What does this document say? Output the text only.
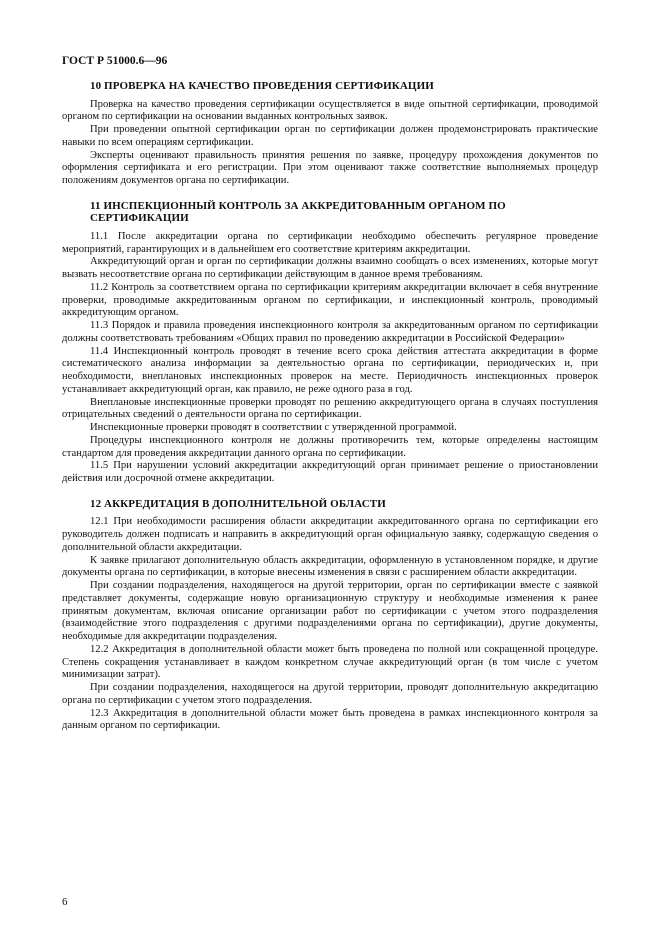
ГОСТ Р 51000.6—96
10 ПРОВЕРКА НА КАЧЕСТВО ПРОВЕДЕНИЯ СЕРТИФИКАЦИИ

Проверка на качество проведения сертификации осуществляется в виде опытной сертификации, проводимой органом по сертификации на основании выданных контрольных заявок.

При проведении опытной сертификации орган по сертификации должен продемонстрировать практические навыки по всем операциям сертификации.

Эксперты оценивают правильность принятия решения по заявке, процедуру прохождения документов по оформления сертификата и его регистрации. При этом оценивают также соответствие выполняемых процедур положениям документов органа по сертификации.

11 ИНСПЕКЦИОННЫЙ КОНТРОЛЬ ЗА АККРЕДИТОВАННЫМ ОРГАНОМ ПО СЕРТИФИКАЦИИ

11.1 После аккредитации органа по сертификации необходимо обеспечить регулярное проведение мероприятий, гарантирующих и в дальнейшем его соответствие критериям аккредитации.

Аккредитующий орган и орган по сертификации должны взаимно сообщать о всех изменениях, которые могут вызвать несоответствие органа по сертификации действующим в данное время требованиям.

11.2 Контроль за соответствием органа по сертификации критериям аккредитации включает в себя внутренние проверки, проводимые аккредитованным органом по сертификации, и инспекционный контроль, проводимый аккредитующим органом.

11.3 Порядок и правила проведения инспекционного контроля за аккредитованным органом по сертификации должны соответствовать требованиям «Общих правил по проведению аккредитации в Российской Федерации»

11.4 Инспекционный контроль проводят в течение всего срока действия аттестата аккредитации в форме систематического анализа информации за деятельностью органа по сертификации, периодических и, при необходимости, внеплановых инспекционных проверок на месте. Периодичность инспекционных проверок устанавливает аккредитующий орган, как правило, не реже одного раза в год.

Внеплановые инспекционные проверки проводят по решению аккредитующего органа в случаях поступления отрицательных сведений о деятельности органа по сертификации.

Инспекционные проверки проводят в соответствии с утвержденной программой.

Процедуры инспекционного контроля не должны противоречить тем, которые определены настоящим стандартом для проведения аккредитации данного органа по сертификации.

11.5 При нарушении условий аккредитации аккредитующий орган принимает решение о приостановлении действия или досрочной отмене аккредитации.

12 АККРЕДИТАЦИЯ В ДОПОЛНИТЕЛЬНОЙ ОБЛАСТИ

12.1 При необходимости расширения области аккредитации аккредитованного органа по сертификации его руководитель должен подписать и направить в аккредитующий орган официальную заявку, содержащую сведения о дополнительной области аккредитации.

К заявке прилагают дополнительную область аккредитации, оформленную в установленном порядке, и другие документы органа по сертификации, в которые внесены изменения в связи с расширением области аккредитации.

При создании подразделения, находящегося на другой территории, орган по сертификации вместе с заявкой представляет документы, содержащие новую организационную структуру и необходимые изменения к ранее принятым документам, включая описание организации работ по сертификации с учетом этого подразделения (взаимодействие этого подразделения с другими подразделениями органа по сертификации), другие документы, необходимые для аккредитации подразделения.

12.2 Аккредитация в дополнительной области может быть проведена по полной или сокращенной процедуре. Степень сокращения устанавливает в каждом конкретном случае аккредитующий орган (в том числе с учетом минимизации затрат).

При создании подразделения, находящегося на другой территории, проводят дополнительную аккредитацию органа по сертификации с учетом этого подразделения.

12.3 Аккредитация в дополнительной области может быть проведена в рамках инспекционного контроля за данным органом по сертификации.

6
